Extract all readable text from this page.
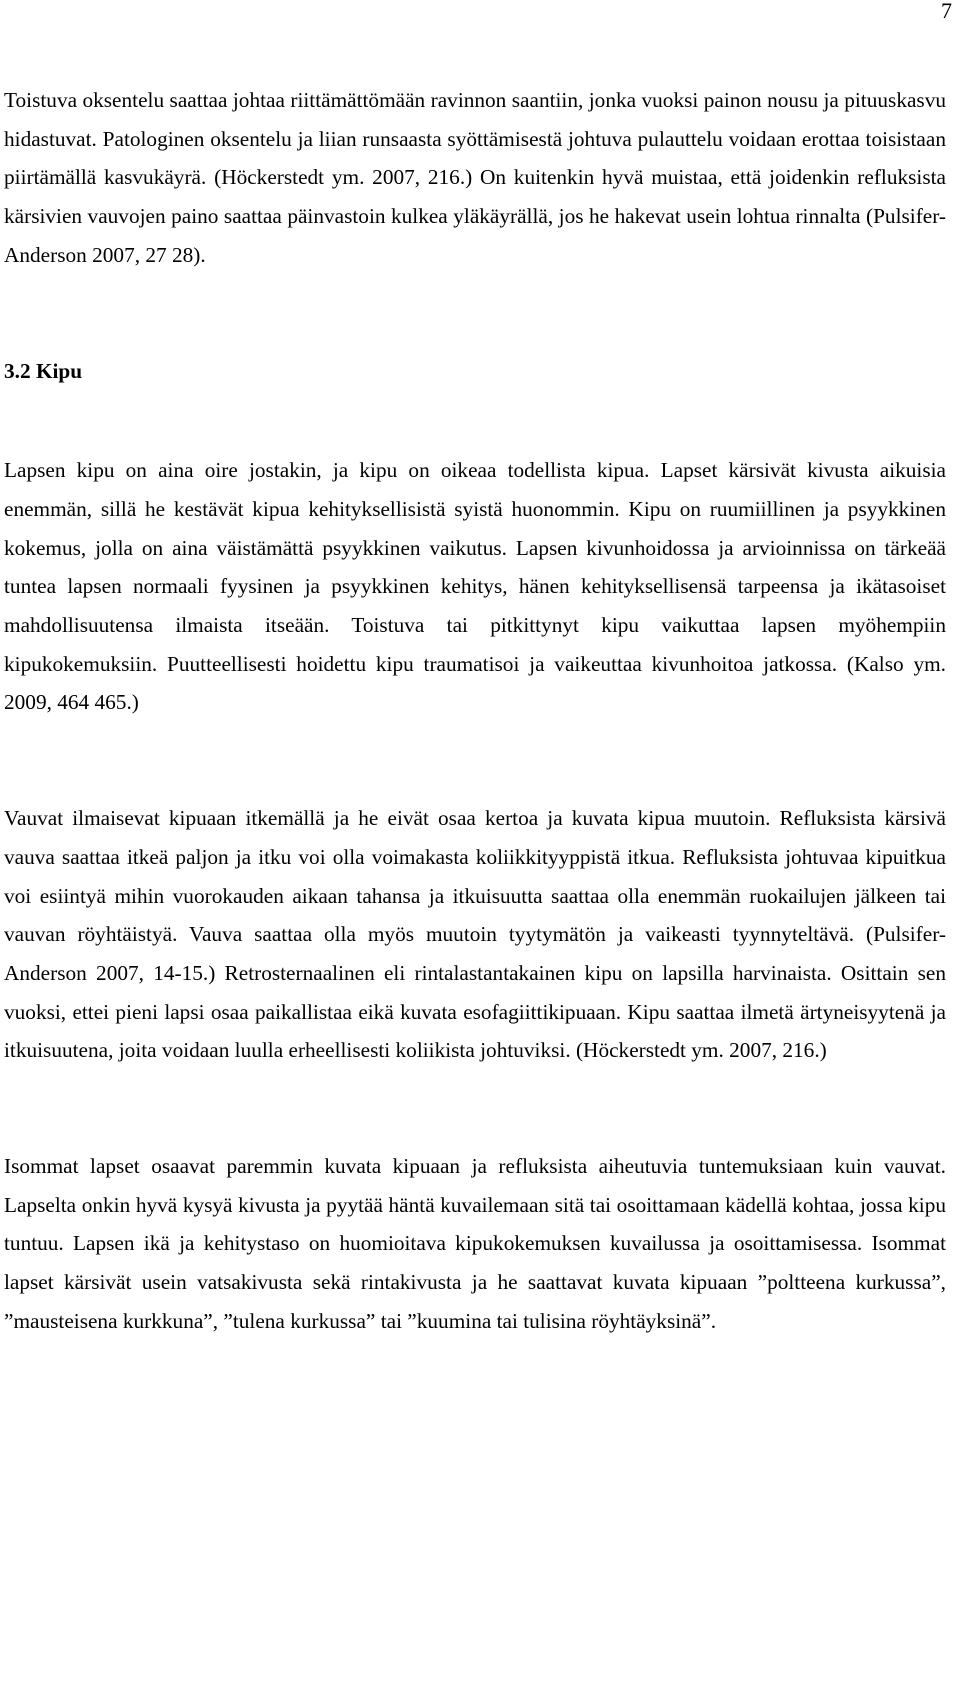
7

Toistuva oksentelu saattaa johtaa riittämättömään ravinnon saantiin, jonka vuoksi painon nousu ja pituuskasvu hidastuvat. Patologinen oksentelu ja liian runsaasta syöttämisestä johtuva pulauttelu voidaan erottaa toisistaan piirtämällä kasvukäyrä. (Höckerstedt ym. 2007, 216.) On kuitenkin hyvä muistaa, että joidenkin refluksista kärsivien vauvojen paino saattaa päinvastoin kulkea yläkäyrällä, jos he hakevat usein lohtua rinnalta (Pulsifer-Anderson 2007, 27 28).

3.2 Kipu

Lapsen kipu on aina oire jostakin, ja kipu on oikeaa todellista kipua. Lapset kärsivät kivusta aikuisia enemmän, sillä he kestävät kipua kehityksellisistä syistä huonommin. Kipu on ruumiillinen ja psyykkinen kokemus, jolla on aina väistämättä psyykkinen vaikutus. Lapsen kivunhoidossa ja arvioinnissa on tärkeää tuntea lapsen normaali fyysinen ja psyykkinen kehitys, hänen kehityksellisensä tarpeensa ja ikätasoiset mahdollisuutensa ilmaista itseään. Toistuva tai pitkittynyt kipu vaikuttaa lapsen myöhempiin kipukokemuksiin. Puutteellisesti hoidettu kipu traumatisoi ja vaikeuttaa kivunhoitoa jatkossa. (Kalso ym. 2009, 464 465.)

Vauvat ilmaisevat kipuaan itkemällä ja he eivät osaa kertoa ja kuvata kipua muutoin. Refluksista kärsivä vauva saattaa itkeä paljon ja itku voi olla voimakasta koliikkityyppistä itkua. Refluksista johtuvaa kipuitkua voi esiintyä mihin vuorokauden aikaan tahansa ja itkuisuutta saattaa olla enemmän ruokailujen jälkeen tai vauvan röyhtäistyä. Vauva saattaa olla myös muutoin tyytymätön ja vaikeasti tyynnyteltävä. (Pulsifer-Anderson 2007, 14-15.) Retrosternaalinen eli rintalastantakainen kipu on lapsilla harvinaista. Osittain sen vuoksi, ettei pieni lapsi osaa paikallistaa eikä kuvata esofagiittikipuaan. Kipu saattaa ilmetä ärtyneisyytenä ja itkuisuutena, joita voidaan luulla erheellisesti koliikista johtuviksi. (Höckerstedt ym. 2007, 216.)

Isommat lapset osaavat paremmin kuvata kipuaan ja refluksista aiheutuvia tuntemuksiaan kuin vauvat. Lapselta onkin hyvä kysyä kivusta ja pyytää häntä kuvailemaan sitä tai osoittamaan kädellä kohtaa, jossa kipu tuntuu. Lapsen ikä ja kehitystaso on huomioitava kipukokemuksen kuvailussa ja osoittamisessa. Isommat lapset kärsivät usein vatsakivusta sekä rintakivusta ja he saattavat kuvata kipuaan ”poltteena kurkussa”, ”mausteisena kurkkuna”, ”tulena kurkussa” tai ”kuumina tai tulisina röyhtäyksinä”.
